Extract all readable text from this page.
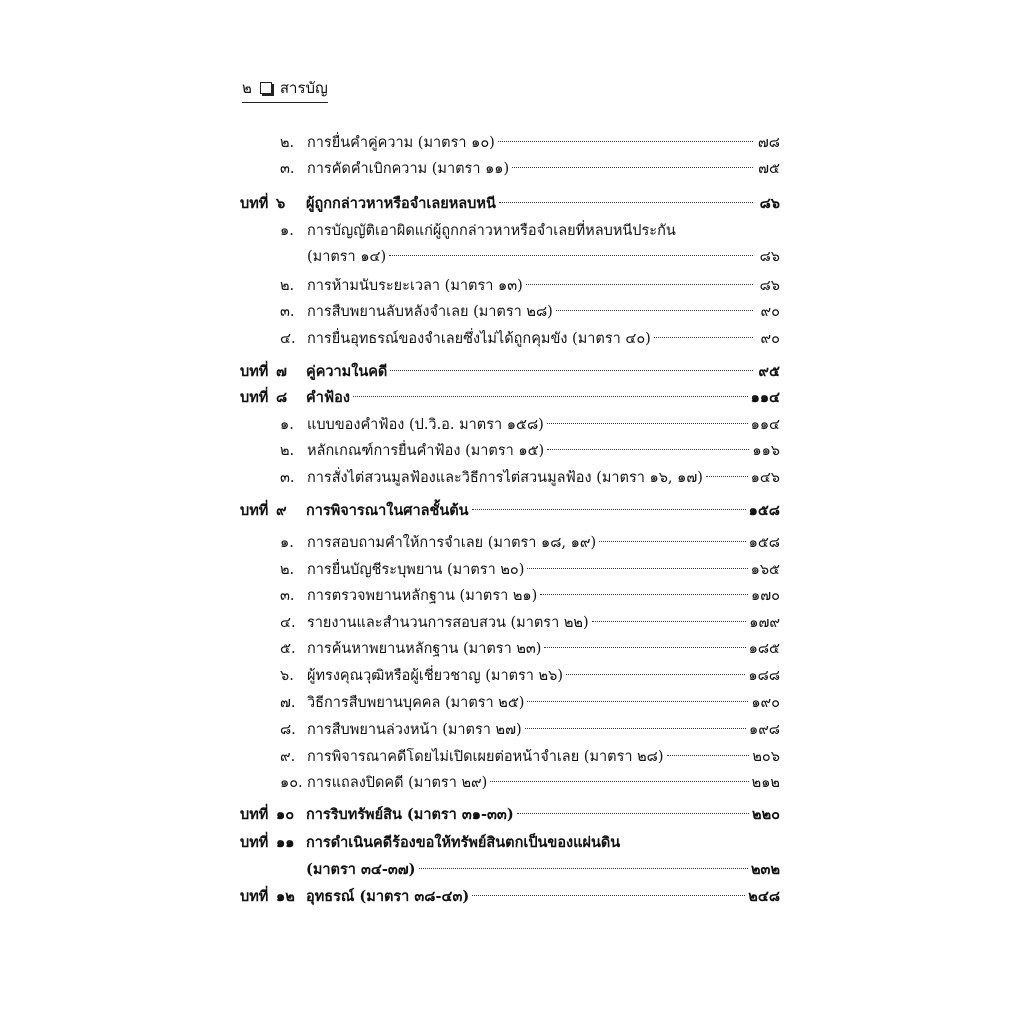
๒ สารบัญ
๒. การยื่นคำคู่ความ (มาตรา ๑๐)	๗๘
๓. การคัดคำเบิกความ (มาตรา ๑๑)	๗๕
บทที่ ๖	ผู้ถูกกล่าวหาหรือจำเลยหลบหนี	๘๖
๑. การบัญญัติเอาผิดแก่ผู้ถูกกล่าวหาหรือจำเลยที่หลบหนีประกัน
(มาตรา ๑๔)	๘๖
๒. การห้ามนับระยะเวลา (มาตรา ๑๓)	๘๖
๓. การสืบพยานลับหลังจำเลย (มาตรา ๒๘)	๙๐
๔. การยื่นอุทธรณ์ของจำเลยซึ่งไม่ได้ถูกคุมขัง (มาตรา ๔๐)	๙๐
บทที่ ๗	คู่ความในคดี	๙๕
บทที่ ๘	คำฟ้อง	๑๑๔
๑. แบบของคำฟ้อง (ป.วิ.อ. มาตรา ๑๕๘)	๑๑๔
๒. หลักเกณฑ์การยื่นคำฟ้อง (มาตรา ๑๕)	๑๑๖
๓. การสั่งไต่สวนมูลฟ้องและวิธีการไต่สวนมูลฟ้อง (มาตรา ๑๖, ๑๗)	๑๔๖
บทที่ ๙	การพิจารณาในศาลชั้นต้น	๑๕๘
๑. การสอบถามคำให้การจำเลย (มาตรา ๑๘, ๑๙)	๑๕๘
๒. การยื่นบัญชีระบุพยาน (มาตรา ๒๐)	๑๖๕
๓. การตรวจพยานหลักฐาน (มาตรา ๒๑)	๑๗๐
๔. รายงานและสำนวนการสอบสวน (มาตรา ๒๒)	๑๗๙
๕. การค้นหาพยานหลักฐาน (มาตรา ๒๓)	๑๘๕
๖. ผู้ทรงคุณวุฒิหรือผู้เชี่ยวชาญ (มาตรา ๒๖)	๑๘๘
๗. วิธีการสืบพยานบุคคล (มาตรา ๒๕)	๑๙๐
๘. การสืบพยานล่วงหน้า (มาตรา ๒๗)	๑๙๘
๙. การพิจารณาคดีโดยไม่เปิดเผยต่อหน้าจำเลย (มาตรา ๒๘)	๒๐๖
๑๐. การแถลงปิดคดี (มาตรา ๒๙)	๒๑๒
บทที่ ๑๐ การริบทรัพย์สิน (มาตรา ๓๑-๓๓)	๒๒๐
บทที่ ๑๑ การดำเนินคดีร้องขอให้ทรัพย์สินตกเป็นของแผ่นดิน
(มาตรา ๓๔-๓๗)	๒๓๒
บทที่ ๑๒ อุทธรณ์ (มาตรา ๓๘-๔๓)	๒๔๘
